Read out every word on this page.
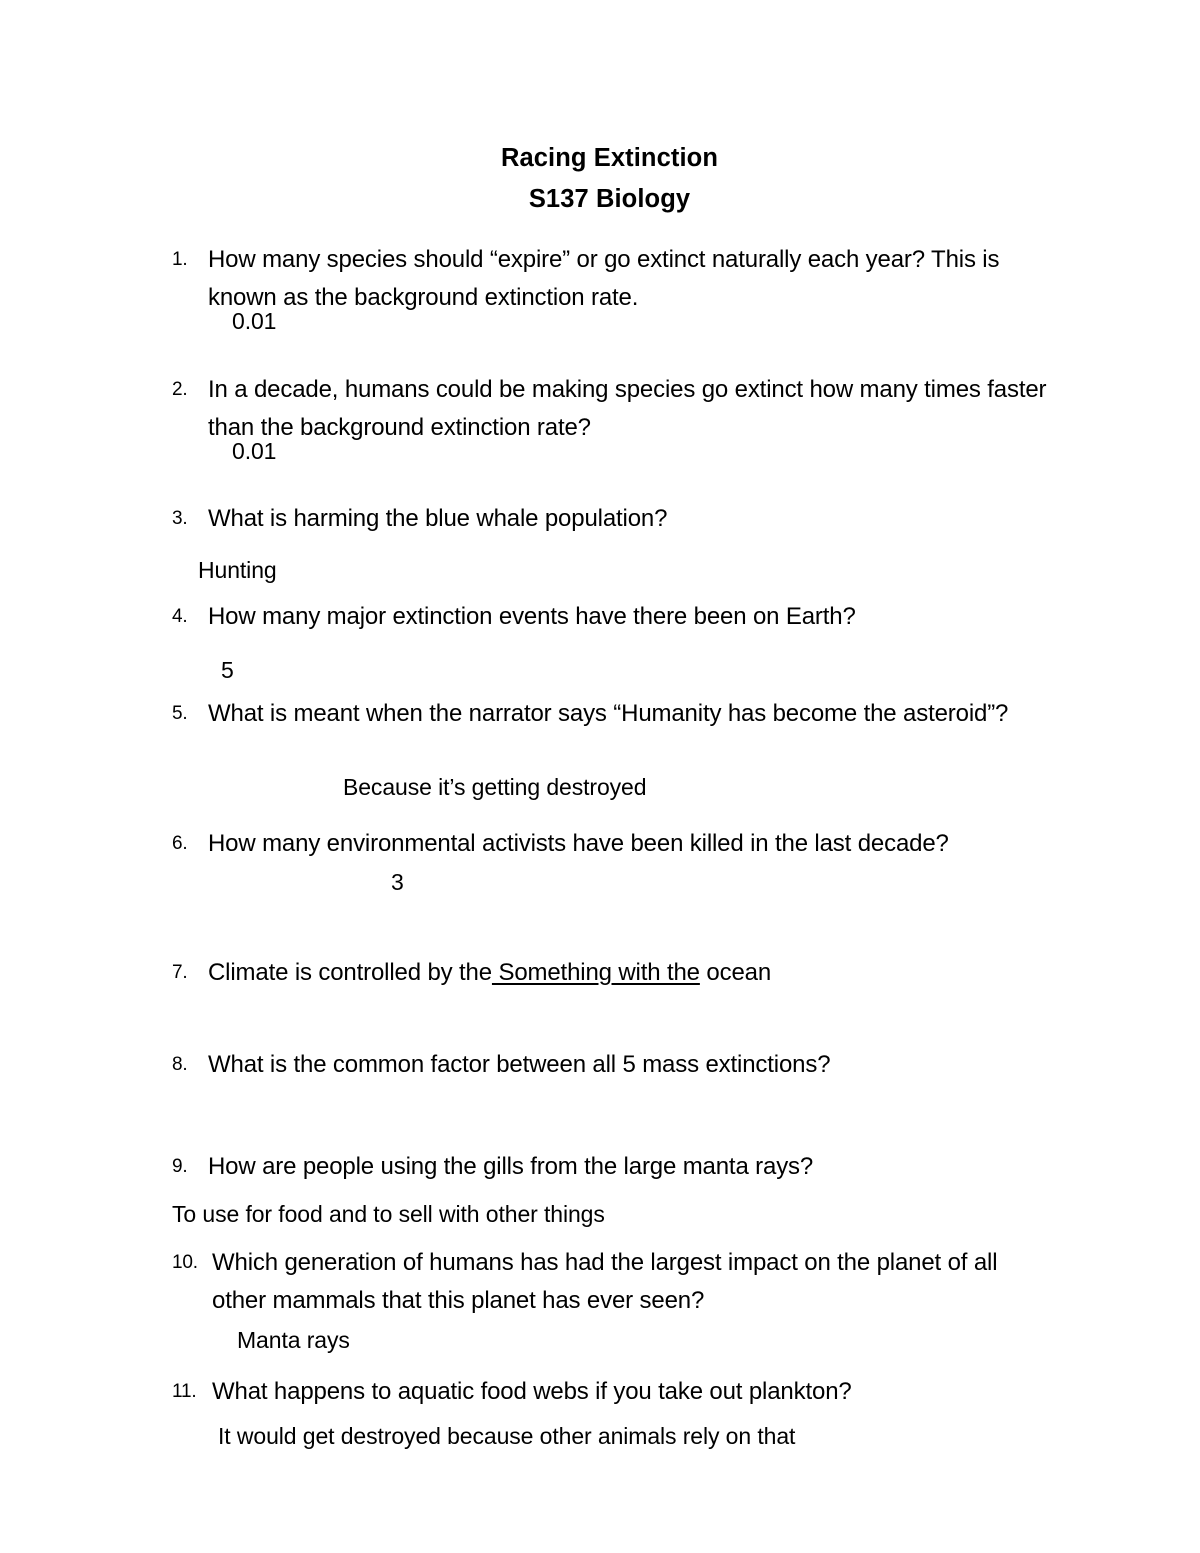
Racing Extinction
S137 Biology
1. How many species should “expire” or go extinct naturally each year? This is known as the background extinction rate.
0.01
2. In a decade, humans could be making species go extinct how many times faster than the background extinction rate?
0.01
3. What is harming the blue whale population?
Hunting
4. How many major extinction events have there been on Earth?
5
5. What is meant when the narrator says “Humanity has become the asteroid”?
Because it’s getting destroyed
6. How many environmental activists have been killed in the last decade?
3
7. Climate is controlled by the Something with the ocean
8. What is the common factor between all 5 mass extinctions?
9. How are people using the gills from the large manta rays?
To use for food and to sell with other things
10. Which generation of humans has had the largest impact on the planet of all other mammals that this planet has ever seen?
Manta rays
11. What happens to aquatic food webs if you take out plankton?
It would get destroyed because other animals rely on that
